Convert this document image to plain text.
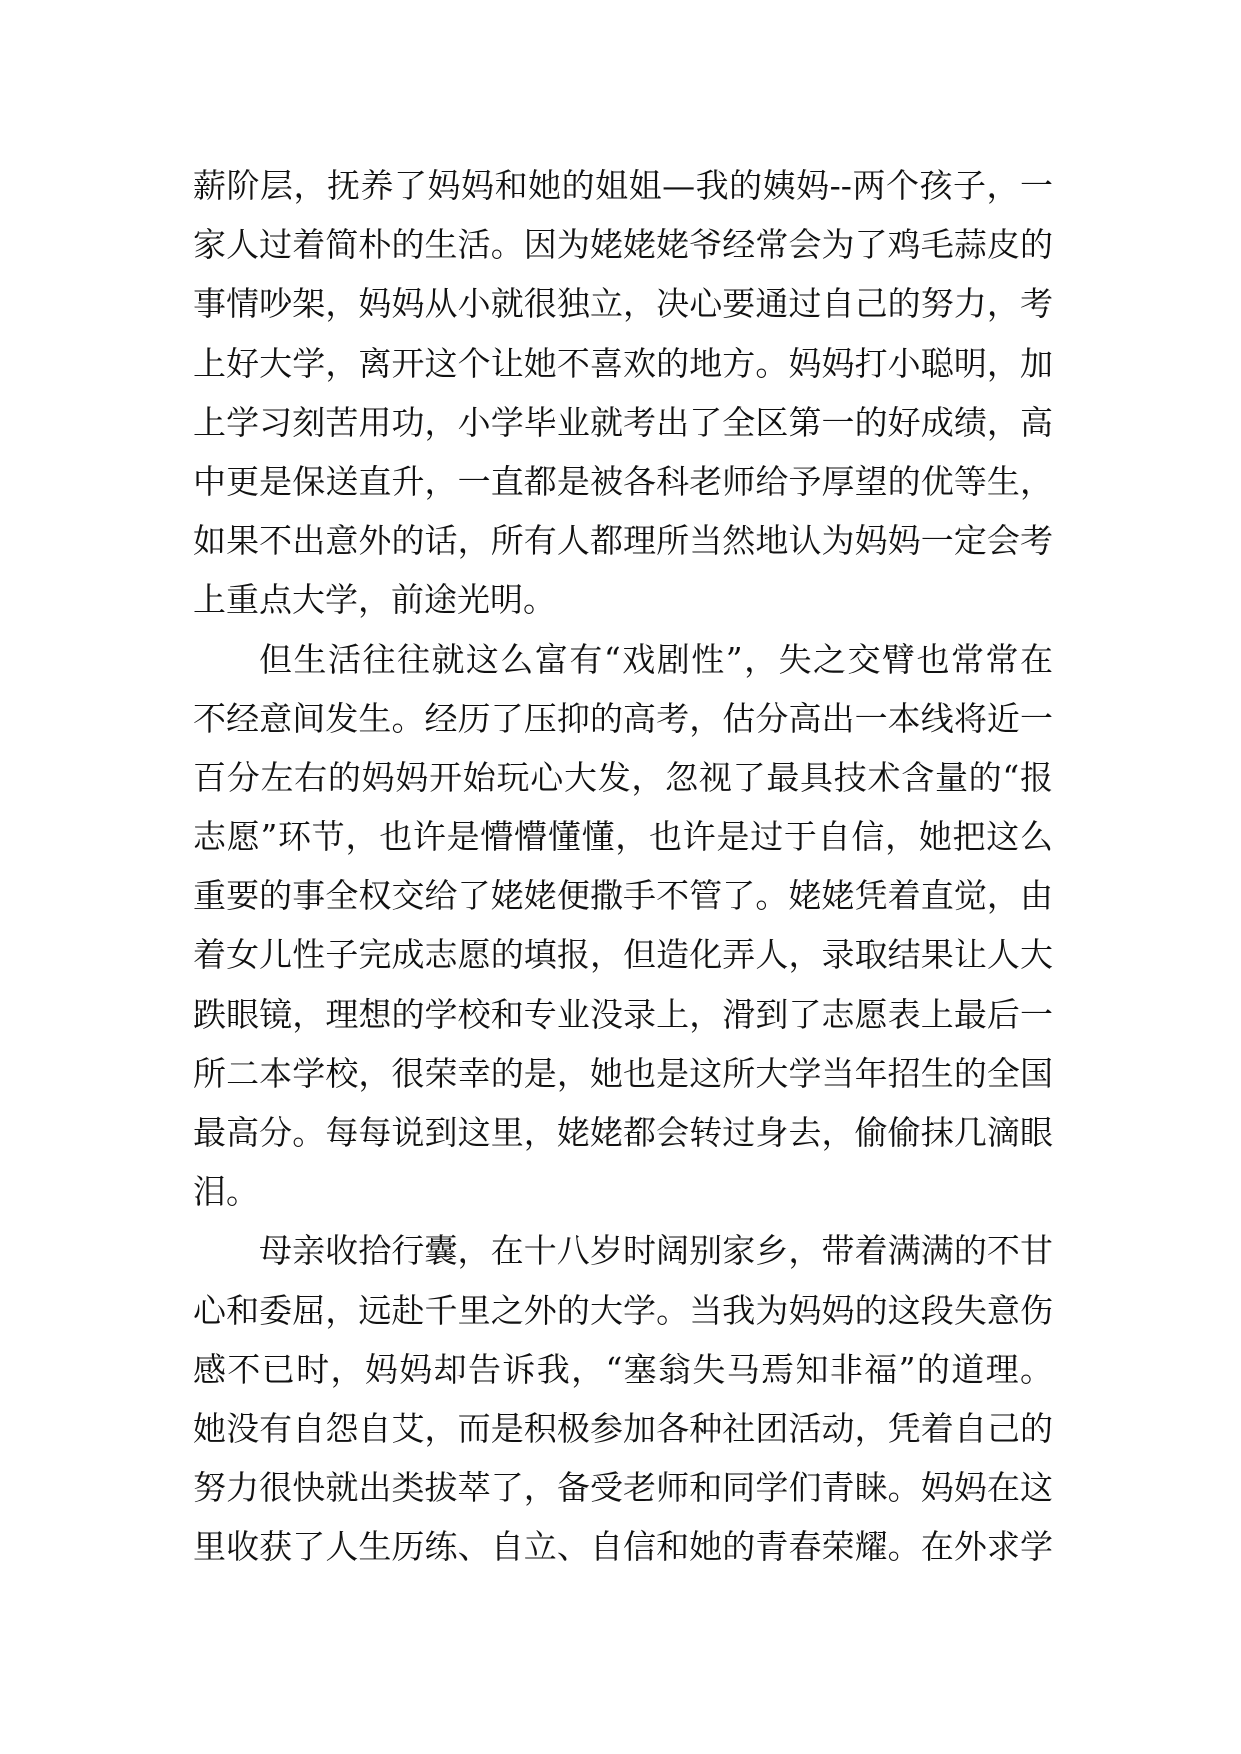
薪阶层，抚养了妈妈和她的姐姐—我的姨妈--两个孩子，一
家人过着简朴的生活。因为姥姥姥爷经常会为了鸡毛蒜皮的
事情吵架，妈妈从小就很独立，决心要通过自己的努力，考
上好大学，离开这个让她不喜欢的地方。妈妈打小聪明，加
上学习刻苦用功，小学毕业就考出了全区第一的好成绩，高
中更是保送直升，一直都是被各科老师给予厚望的优等生，
如果不出意外的话，所有人都理所当然地认为妈妈一定会考
上重点大学，前途光明。
但生活往往就这么富有“戏剧性”，失之交臂也常常在
不经意间发生。经历了压抑的高考，估分高出一本线将近一
百分左右的妈妈开始玩心大发，忽视了最具技术含量的“报
志愿”环节，也许是懵懵懂懂，也许是过于自信，她把这么
重要的事全权交给了姥姥便撒手不管了。姥姥凭着直觉，由
着女儿性子完成志愿的填报，但造化弄人，录取结果让人大
跌眼镜，理想的学校和专业没录上，滑到了志愿表上最后一
所二本学校，很荣幸的是，她也是这所大学当年招生的全国
最高分。每每说到这里，姥姥都会转过身去，偷偷抹几滴眼
泪。
母亲收拾行囊，在十八岁时阔别家乡，带着满满的不甘
心和委屈，远赴千里之外的大学。当我为妈妈的这段失意伤
感不已时，妈妈却告诉我，“塞翁失马焉知非福”的道理。
她没有自怨自艾，而是积极参加各种社团活动，凭着自己的
努力很快就出类拔萃了，备受老师和同学们青睐。妈妈在这
里收获了人生历练、自立、自信和她的青春荣耀。在外求学
